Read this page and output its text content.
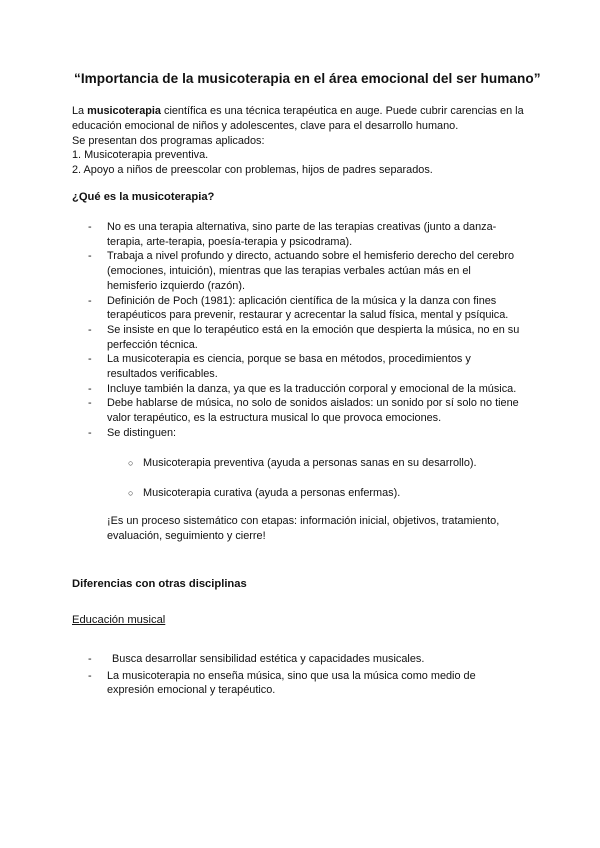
“Importancia de la musicoterapia en el área emocional del ser humano”

La musicoterapia científica es una técnica terapéutica en auge. Puede cubrir carencias en la educación emocional de niños y adolescentes, clave para el desarrollo humano.

Se presentan dos programas aplicados:

1. Musicoterapia preventiva.

2. Apoyo a niños de preescolar con problemas, hijos de padres separados.

¿Qué es la musicoterapia?
- No es una terapia alternativa, sino parte de las terapias creativas (junto a danza-terapia, arte-terapia, poesía-terapia y psicodrama).
- Trabaja a nivel profundo y directo, actuando sobre el hemisferio derecho del cerebro (emociones, intuición), mientras que las terapias verbales actúan más en el hemisferio izquierdo (razón).
- Definición de Poch (1981): aplicación científica de la música y la danza con fines terapéuticos para prevenir, restaurar y acrecentar la salud física, mental y psíquica.
- Se insiste en que lo terapéutico está en la emoción que despierta la música, no en su perfección técnica.
- La musicoterapia es ciencia, porque se basa en métodos, procedimientos y resultados verificables.
- Incluye también la danza, ya que es la traducción corporal y emocional de la música.
- Debe hablarse de música, no solo de sonidos aislados: un sonido por sí solo no tiene valor terapéutico, es la estructura musical lo que provoca emociones.
- Se distinguen:
○ Musicoterapia preventiva (ayuda a personas sanas en su desarrollo).
○ Musicoterapia curativa (ayuda a personas enfermas).

¡Es un proceso sistemático con etapas: información inicial, objetivos, tratamiento, evaluación, seguimiento y cierre!

Diferencias con otras disciplinas
Educación musical
- Busca desarrollar sensibilidad estética y capacidades musicales.
- La musicoterapia no enseña música, sino que usa la música como medio de expresión emocional y terapéutico.
